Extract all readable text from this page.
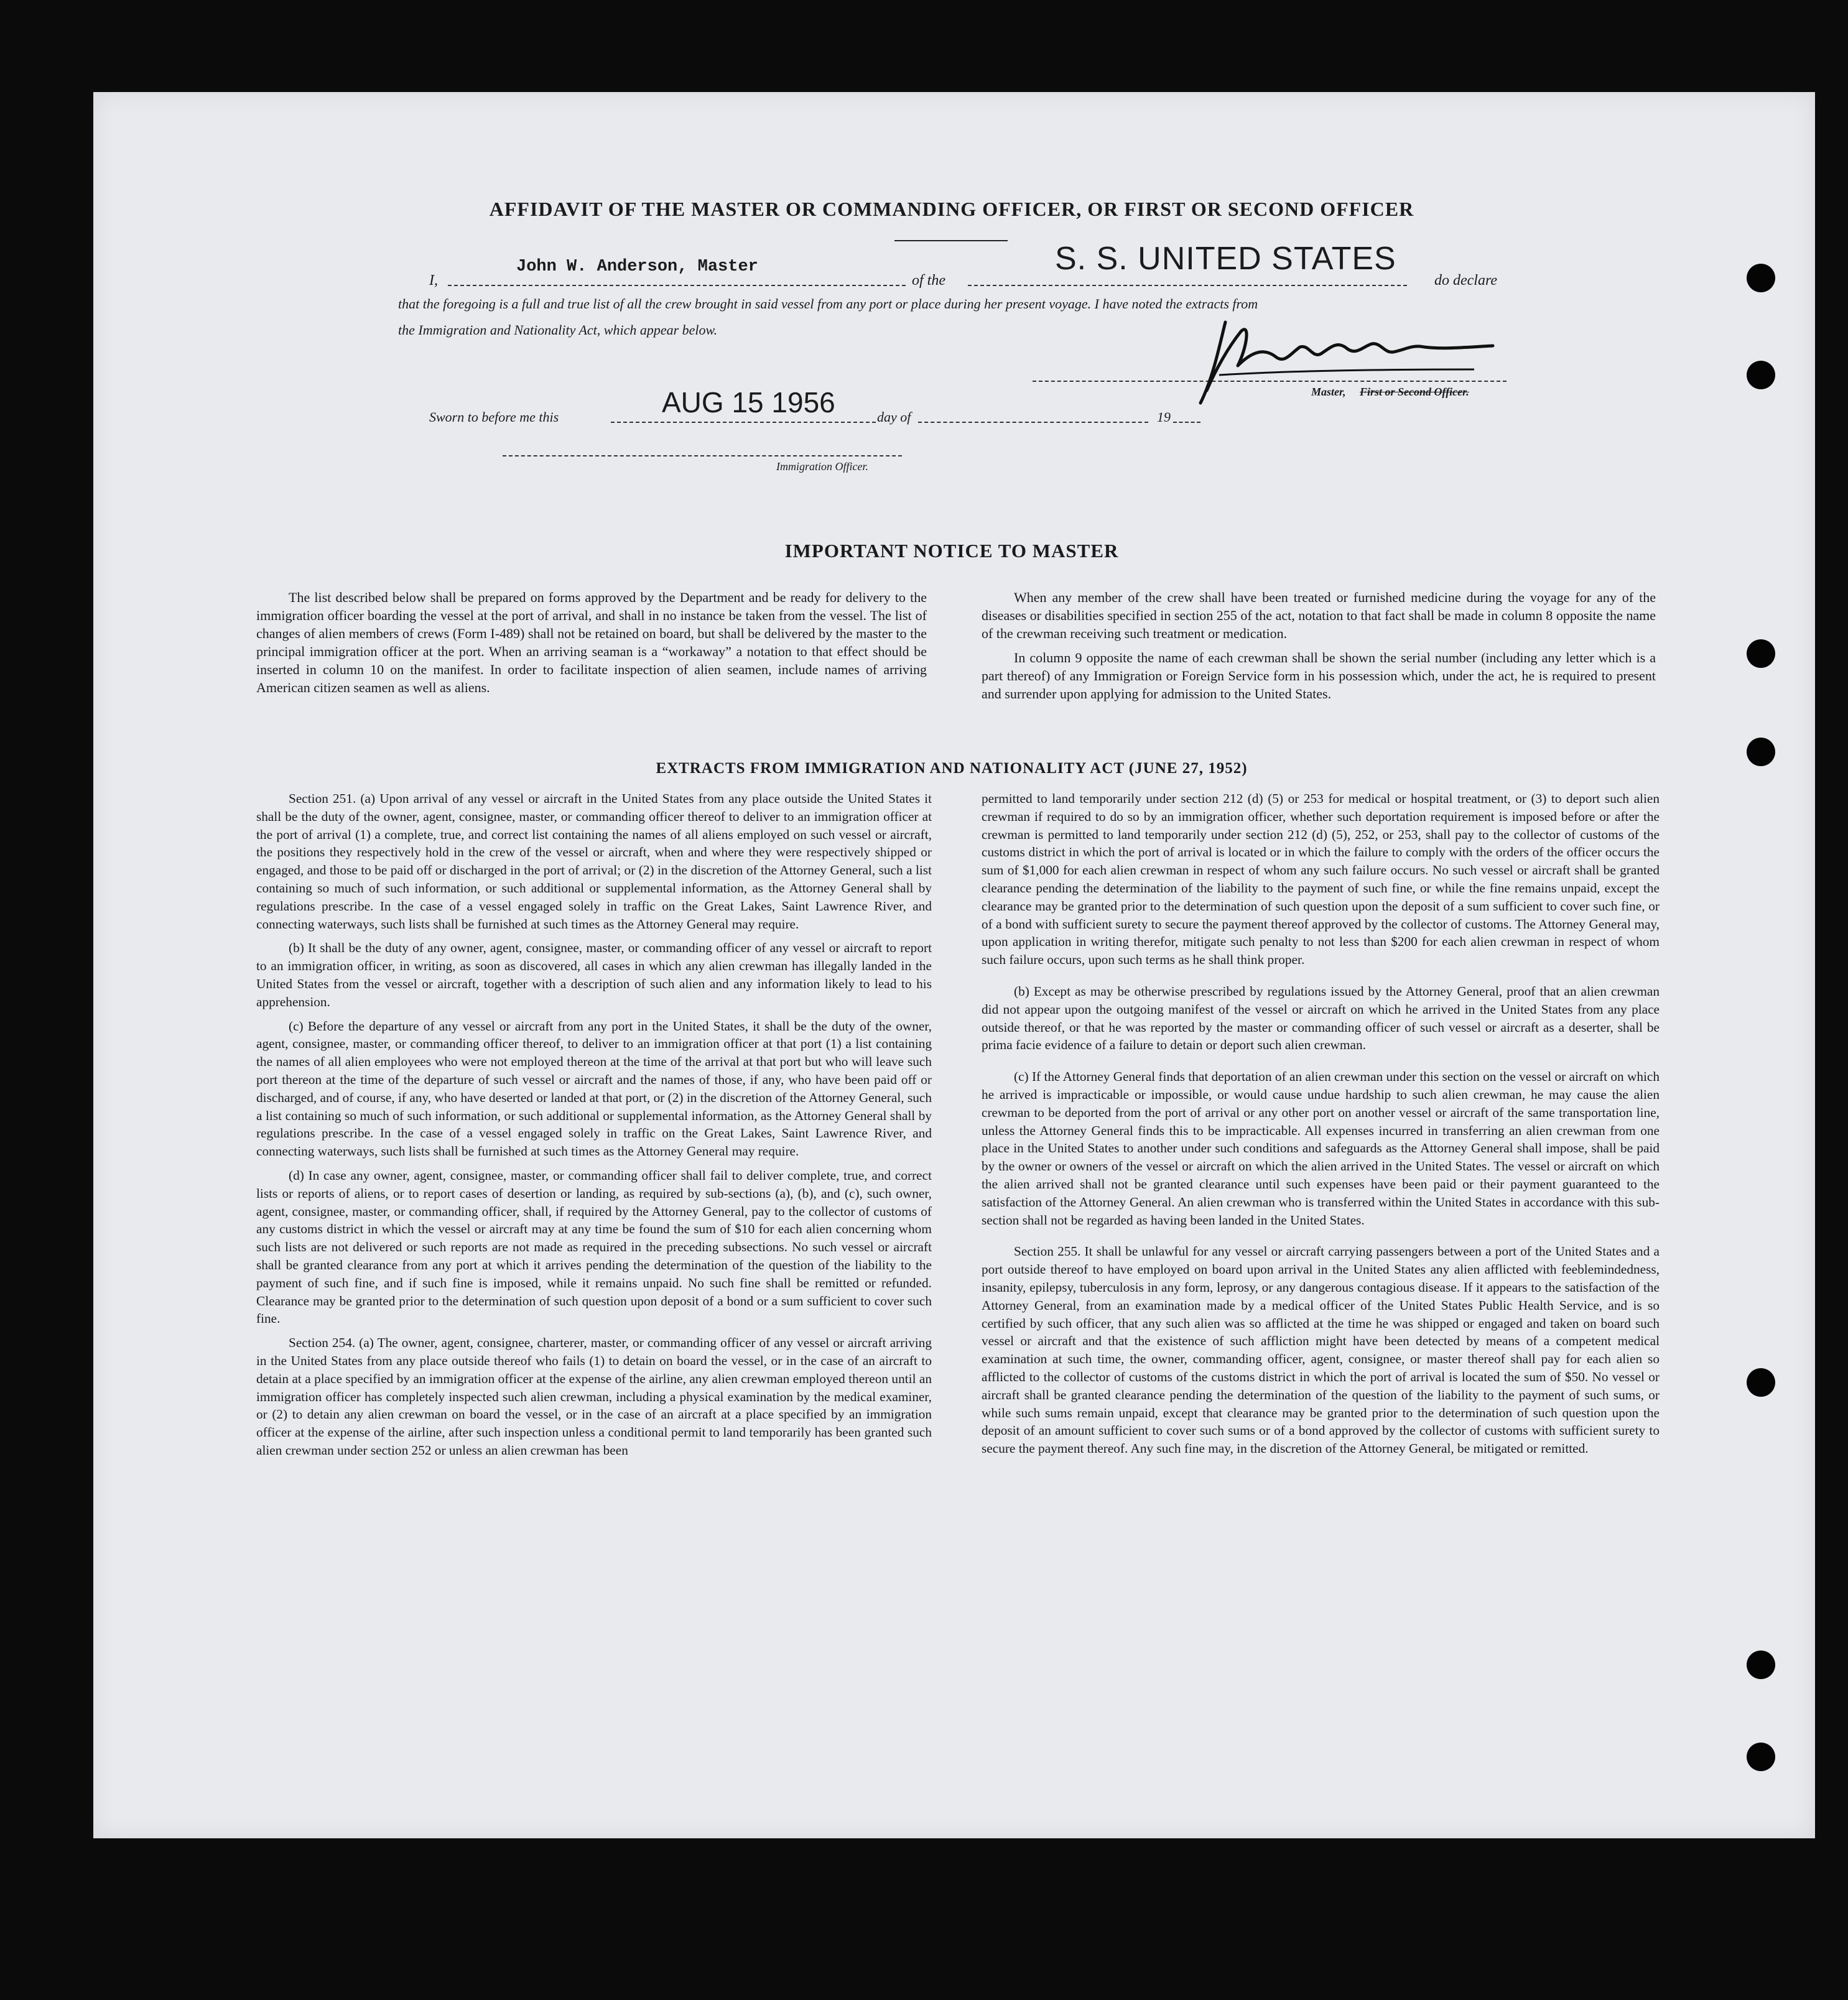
AFFIDAVIT OF THE MASTER OR COMMANDING OFFICER, OR FIRST OR SECOND OFFICER
I,
John W. Anderson, Master
of the
S. S. UNITED STATES
do declare
that the foregoing is a full and true list of all the crew brought in said vessel from any port or place during her present voyage. I have noted the extracts from
the Immigration and Nationality Act, which appear below.
Master, First or Second Officer.
Sworn to before me this	AUG 15 1956	day of	19
Immigration Officer.
IMPORTANT NOTICE TO MASTER

The list described below shall be prepared on forms approved by the Department and be ready for delivery to the immigration officer boarding the vessel at the port of arrival, and shall in no instance be taken from the vessel. The list of changes of alien members of crews (Form I-489) shall not be retained on board, but shall be delivered by the master to the principal immigration officer at the port. When an arriving seaman is a “workaway” a notation to that effect should be inserted in column 10 on the manifest. In order to facilitate inspection of alien seamen, include names of arriving American citizen seamen as well as aliens.

When any member of the crew shall have been treated or furnished medicine during the voyage for any of the diseases or disabilities specified in section 255 of the act, notation to that fact shall be made in column 8 opposite the name of the crewman receiving such treatment or medication.

In column 9 opposite the name of each crewman shall be shown the serial number (including any letter which is a part thereof) of any Immigration or Foreign Service form in his possession which, under the act, he is required to present and surrender upon applying for admission to the United States.

EXTRACTS FROM IMMIGRATION AND NATIONALITY ACT (JUNE 27, 1952)

Section 251. (a) Upon arrival of any vessel or aircraft in the United States from any place outside the United States it shall be the duty of the owner, agent, consignee, master, or commanding officer thereof to deliver to an immigration officer at the port of arrival (1) a complete, true, and correct list containing the names of all aliens employed on such vessel or aircraft, the positions they respectively hold in the crew of the vessel or aircraft, when and where they were respectively shipped or engaged, and those to be paid off or discharged in the port of arrival; or (2) in the discretion of the Attorney General, such a list containing so much of such information, or such additional or supplemental information, as the Attorney General shall by regulations prescribe. In the case of a vessel engaged solely in traffic on the Great Lakes, Saint Lawrence River, and connecting waterways, such lists shall be furnished at such times as the Attorney General may require.

(b) It shall be the duty of any owner, agent, consignee, master, or commanding officer of any vessel or aircraft to report to an immigration officer, in writing, as soon as discovered, all cases in which any alien crewman has illegally landed in the United States from the vessel or aircraft, together with a description of such alien and any information likely to lead to his apprehension.

(c) Before the departure of any vessel or aircraft from any port in the United States, it shall be the duty of the owner, agent, consignee, master, or commanding officer thereof, to deliver to an immigration officer at that port (1) a list containing the names of all alien employees who were not employed thereon at the time of the arrival at that port but who will leave such port thereon at the time of the departure of such vessel or aircraft and the names of those, if any, who have been paid off or discharged, and of course, if any, who have deserted or landed at that port, or (2) in the discretion of the Attorney General, such a list containing so much of such information, or such additional or supplemental information, as the Attorney General shall by regulations prescribe. In the case of a vessel engaged solely in traffic on the Great Lakes, Saint Lawrence River, and connecting waterways, such lists shall be furnished at such times as the Attorney General may require.

(d) In case any owner, agent, consignee, master, or commanding officer shall fail to deliver complete, true, and correct lists or reports of aliens, or to report cases of desertion or landing, as required by sub-sections (a), (b), and (c), such owner, agent, consignee, master, or commanding officer, shall, if required by the Attorney General, pay to the collector of customs of any customs district in which the vessel or aircraft may at any time be found the sum of $10 for each alien concerning whom such lists are not delivered or such reports are not made as required in the preceding subsections. No such vessel or aircraft shall be granted clearance from any port at which it arrives pending the determination of the question of the liability to the payment of such fine, and if such fine is imposed, while it remains unpaid. No such fine shall be remitted or refunded. Clearance may be granted prior to the determination of such question upon deposit of a bond or a sum sufficient to cover such fine.

Section 254. (a) The owner, agent, consignee, charterer, master, or commanding officer of any vessel or aircraft arriving in the United States from any place outside thereof who fails (1) to detain on board the vessel, or in the case of an aircraft to detain at a place specified by an immigration officer at the expense of the airline, any alien crewman employed thereon until an immigration officer has completely inspected such alien crewman, including a physical examination by the medical examiner, or (2) to detain any alien crewman on board the vessel, or in the case of an aircraft at a place specified by an immigration officer at the expense of the airline, after such inspection unless a conditional permit to land temporarily has been granted such alien crewman under section 252 or unless an alien crewman has been

permitted to land temporarily under section 212 (d) (5) or 253 for medical or hospital treatment, or (3) to deport such alien crewman if required to do so by an immigration officer, whether such deportation requirement is imposed before or after the crewman is permitted to land temporarily under section 212 (d) (5), 252, or 253, shall pay to the collector of customs of the customs district in which the port of arrival is located or in which the failure to comply with the orders of the officer occurs the sum of $1,000 for each alien crewman in respect of whom any such failure occurs. No such vessel or aircraft shall be granted clearance pending the determination of the liability to the payment of such fine, or while the fine remains unpaid, except the clearance may be granted prior to the determination of such question upon the deposit of a sum sufficient to cover such fine, or of a bond with sufficient surety to secure the payment thereof approved by the collector of customs. The Attorney General may, upon application in writing therefor, mitigate such penalty to not less than $200 for each alien crewman in respect of whom such failure occurs, upon such terms as he shall think proper.

(b) Except as may be otherwise prescribed by regulations issued by the Attorney General, proof that an alien crewman did not appear upon the outgoing manifest of the vessel or aircraft on which he arrived in the United States from any place outside thereof, or that he was reported by the master or commanding officer of such vessel or aircraft as a deserter, shall be prima facie evidence of a failure to detain or deport such alien crewman.

(c) If the Attorney General finds that deportation of an alien crewman under this section on the vessel or aircraft on which he arrived is impracticable or impossible, or would cause undue hardship to such alien crewman, he may cause the alien crewman to be deported from the port of arrival or any other port on another vessel or aircraft of the same transportation line, unless the Attorney General finds this to be impracticable. All expenses incurred in transferring an alien crewman from one place in the United States to another under such conditions and safeguards as the Attorney General shall impose, shall be paid by the owner or owners of the vessel or aircraft on which the alien arrived in the United States. The vessel or aircraft on which the alien arrived shall not be granted clearance until such expenses have been paid or their payment guaranteed to the satisfaction of the Attorney General. An alien crewman who is transferred within the United States in accordance with this sub-section shall not be regarded as having been landed in the United States.

Section 255. It shall be unlawful for any vessel or aircraft carrying passengers between a port of the United States and a port outside thereof to have employed on board upon arrival in the United States any alien afflicted with feeblemindedness, insanity, epilepsy, tuberculosis in any form, leprosy, or any dangerous contagious disease. If it appears to the satisfaction of the Attorney General, from an examination made by a medical officer of the United States Public Health Service, and is so certified by such officer, that any such alien was so afflicted at the time he was shipped or engaged and taken on board such vessel or aircraft and that the existence of such affliction might have been detected by means of a competent medical examination at such time, the owner, commanding officer, agent, consignee, or master thereof shall pay for each alien so afflicted to the collector of customs of the customs district in which the port of arrival is located the sum of $50. No vessel or aircraft shall be granted clearance pending the determination of the question of the liability to the payment of such sums, or while such sums remain unpaid, except that clearance may be granted prior to the determination of such question upon the deposit of an amount sufficient to cover such sums or of a bond approved by the collector of customs with sufficient surety to secure the payment thereof. Any such fine may, in the discretion of the Attorney General, be mitigated or remitted.
